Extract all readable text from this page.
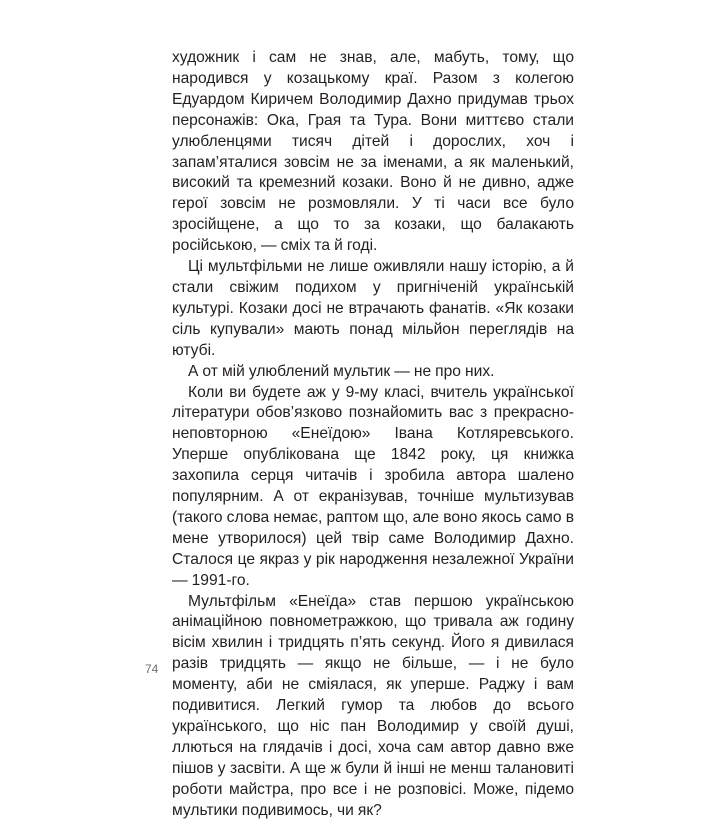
художник і сам не знав, але, мабуть, тому, що народився у козацькому краї. Разом з колегою Едуардом Киричем Володимир Дахно придумав трьох персонажів: Ока, Грая та Тура. Вони миттєво стали улюбленцями тисяч дітей і дорослих, хоч і запам’яталися зовсім не за іменами, а як маленький, високий та кремезний козаки. Воно й не дивно, адже герої зовсім не розмовляли. У ті часи все було зросійщене, а що то за козаки, що балакають російською, — сміх та й годі.

Ці мультфільми не лише оживляли нашу історію, а й стали свіжим подихом у пригніченій українській культурі. Козаки досі не втрачають фанатів. «Як козаки сіль купували» мають понад мільйон переглядів на ютубі.

А от мій улюблений мультик — не про них.

Коли ви будете аж у 9-му класі, вчитель української літератури обов’язково познайомить вас з прекрасно-неповторною «Енеїдою» Івана Котляревського. Уперше опублікована ще 1842 року, ця книжка захопила серця читачів і зробила автора шалено популярним. А от екранізував, точніше мультизував (такого слова немає, раптом що, але воно якось само в мене утворилося) цей твір саме Володимир Дахно. Сталося це якраз у рік народження незалежної України — 1991-го.

Мультфільм «Енеїда» став першою українською анімаційною повнометражкою, що тривала аж годину вісім хвилин і тридцять п’ять секунд. Його я дивилася разів тридцять — якщо не більше, — і не було моменту, аби не сміялася, як уперше. Раджу і вам подивитися. Легкий гумор та любов до всього українського, що ніс пан Володимир у своїй душі, ллються на глядачів і досі, хоча сам автор давно вже пішов у засвіти. А ще ж були й інші не менш талановиті роботи майстра, про все і не розповісі. Може, підемо мультики подивимось, чи як?

74
